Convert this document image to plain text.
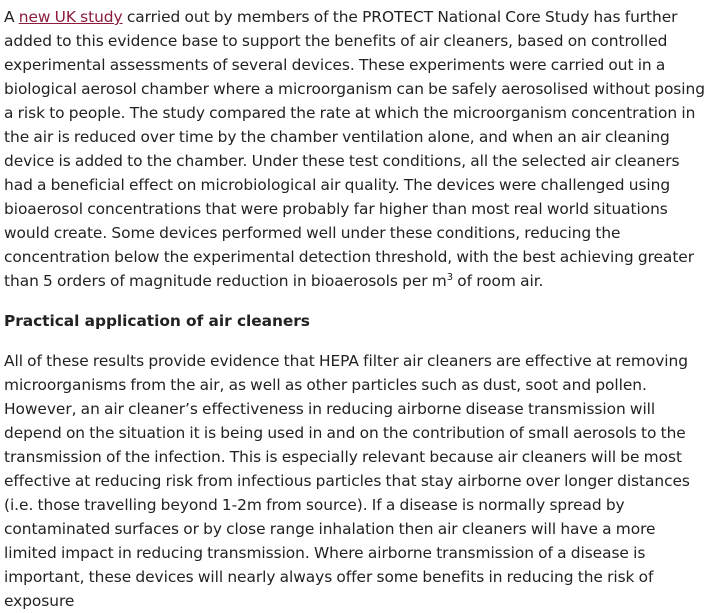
A new UK study carried out by members of the PROTECT National Core Study has further added to this evidence base to support the benefits of air cleaners, based on controlled experimental assessments of several devices. These experiments were carried out in a biological aerosol chamber where a microorganism can be safely aerosolised without posing a risk to people. The study compared the rate at which the microorganism concentration in the air is reduced over time by the chamber ventilation alone, and when an air cleaning device is added to the chamber. Under these test conditions, all the selected air cleaners had a beneficial effect on microbiological air quality. The devices were challenged using bioaerosol concentrations that were probably far higher than most real world situations would create. Some devices performed well under these conditions, reducing the concentration below the experimental detection threshold, with the best achieving greater than 5 orders of magnitude reduction in bioaerosols per $m^3$ of room air.

Practical application of air cleaners

All of these results provide evidence that HEPA filter air cleaners are effective at removing microorganisms from the air, as well as other particles such as dust, soot and pollen. However, an air cleaner’s effectiveness in reducing airborne disease transmission will depend on the situation it is being used in and on the contribution of small aerosols to the transmission of the infection. This is especially relevant because air cleaners will be most effective at reducing risk from infectious particles that stay airborne over longer distances (i.e. those travelling beyond 1-2m from source). If a disease is normally spread by contaminated surfaces or by close range inhalation then air cleaners will have a more limited impact in reducing transmission. Where airborne transmission of a disease is important, these devices will nearly always offer some benefits in reducing the risk of exposure
